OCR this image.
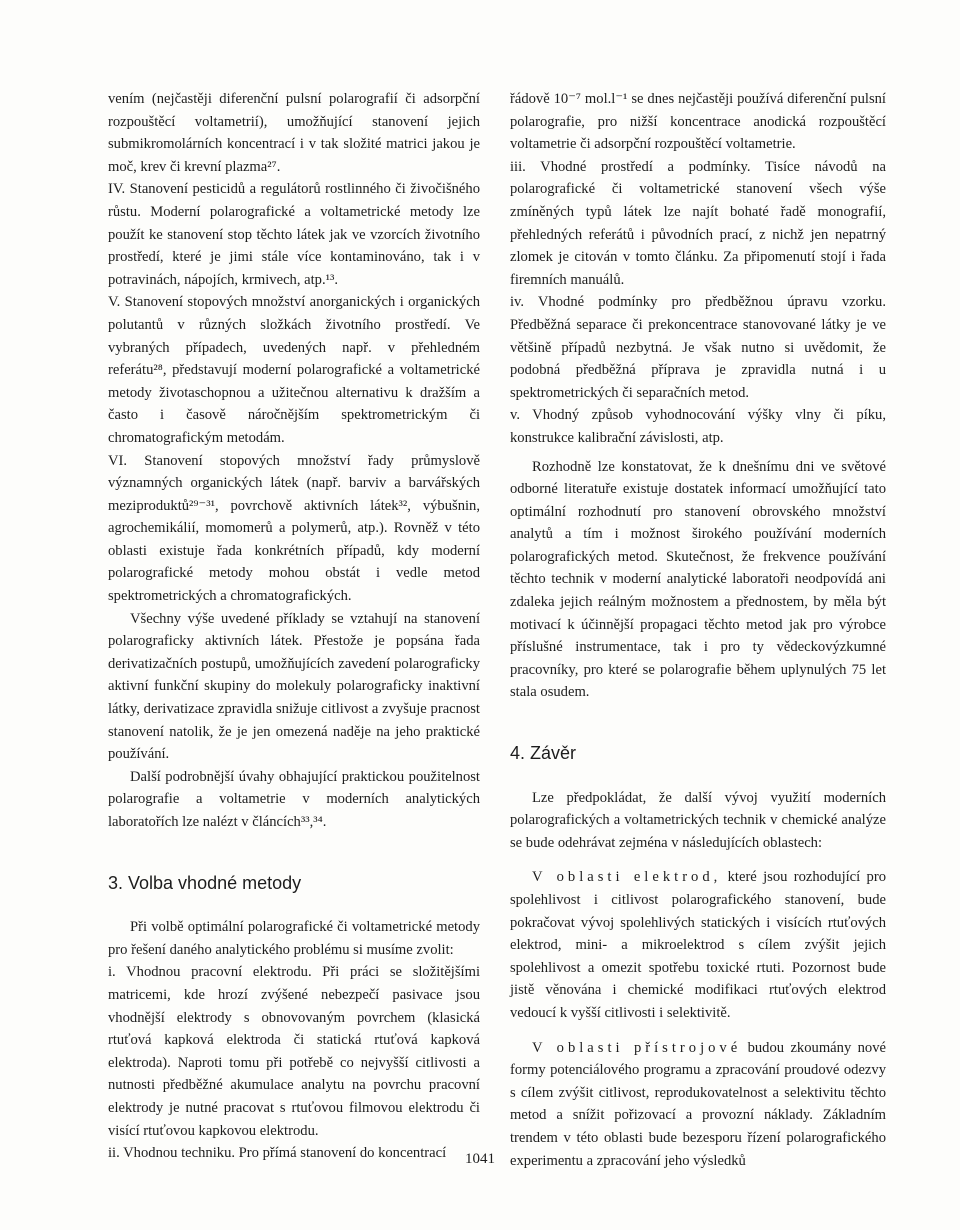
vením (nejčastěji diferenční pulsní polarografií či adsorpční rozpouštěcí voltametrií), umožňující stanovení jejich submikromolárních koncentrací i v tak složité matrici jakou je moč, krev či krevní plazma²⁷.

IV. Stanovení pesticidů a regulátorů rostlinného či živočišného růstu. Moderní polarografické a voltametrické metody lze použít ke stanovení stop těchto látek jak ve vzorcích životního prostředí, které je jimi stále více kontaminováno, tak i v potravinách, nápojích, krmivech, atp.¹³.

V. Stanovení stopových množství anorganických i organických polutantů v různých složkách životního prostředí. Ve vybraných případech, uvedených např. v přehledném referátu²⁸, představují moderní polarografické a voltametrické metody životaschopnou a užitečnou alternativu k dražším a často i časově náročnějším spektrometrickým či chromatografickým metodám.

VI. Stanovení stopových množství řady průmyslově významných organických látek (např. barviv a barvářských meziproduktů²⁹⁻³¹, povrchově aktivních látek³², výbušnin, agrochemikálií, momomerů a polymerů, atp.). Rovněž v této oblasti existuje řada konkrétních případů, kdy moderní polarografické metody mohou obstát i vedle metod spektrometrických a chromatografických.

Všechny výše uvedené příklady se vztahují na stanovení polarograficky aktivních látek. Přestože je popsána řada derivatizačních postupů, umožňujících zavedení polarograficky aktivní funkční skupiny do molekuly polarograficky inaktivní látky, derivatizace zpravidla snižuje citlivost a zvyšuje pracnost stanovení natolik, že je jen omezená naděje na jeho praktické používání.

Další podrobnější úvahy obhajující praktickou použitelnost polarografie a voltametrie v moderních analytických laboratořích lze nalézt v článcích³³,³⁴.

3. Volba vhodné metody

Při volbě optimální polarografické či voltametrické metody pro řešení daného analytického problému si musíme zvolit:

i. Vhodnou pracovní elektrodu. Při práci se složitějšími matricemi, kde hrozí zvýšené nebezpečí pasivace jsou vhodnější elektrody s obnovovaným povrchem (klasická rtuťová kapková elektroda či statická rtuťová kapková elektroda). Naproti tomu při potřebě co nejvyšší citlivosti a nutnosti předběžné akumulace analytu na povrchu pracovní elektrody je nutné pracovat s rtuťovou filmovou elektrodu či visící rtuťovou kapkovou elektrodu.

ii. Vhodnou techniku. Pro přímá stanovení do koncentrací

řádově 10⁻⁷ mol.l⁻¹ se dnes nejčastěji používá diferenční pulsní polarografie, pro nižší koncentrace anodická rozpouštěcí voltametrie či adsorpční rozpouštěcí voltametrie.

iii. Vhodné prostředí a podmínky. Tisíce návodů na polarografické či voltametrické stanovení všech výše zmíněných typů látek lze najít bohaté řadě monografií, přehledných referátů i původních prací, z nichž jen nepatrný zlomek je citován v tomto článku. Za připomenutí stojí i řada firemních manuálů.

iv. Vhodné podmínky pro předběžnou úpravu vzorku. Předběžná separace či prekoncentrace stanovované látky je ve většině případů nezbytná. Je však nutno si uvědomit, že podobná předběžná příprava je zpravidla nutná i u spektrometrických či separačních metod.

v. Vhodný způsob vyhodnocování výšky vlny či píku, konstrukce kalibrační závislosti, atp.

Rozhodně lze konstatovat, že k dnešnímu dni ve světové odborné literatuře existuje dostatek informací umožňující tato optimální rozhodnutí pro stanovení obrovského množství analytů a tím i možnost širokého používání moderních polarografických metod. Skutečnost, že frekvence používání těchto technik v moderní analytické laboratoři neodpovídá ani zdaleka jejich reálným možnostem a přednostem, by měla být motivací k účinnější propagaci těchto metod jak pro výrobce příslušné instrumentace, tak i pro ty vědeckovýzkumné pracovníky, pro které se polarografie během uplynulých 75 let stala osudem.

4. Závěr

Lze předpokládat, že další vývoj využití moderních polarografických a voltametrických technik v chemické analýze se bude odehrávat zejména v následujících oblastech:

V oblasti elektrod, které jsou rozhodující pro spolehlivost i citlivost polarografického stanovení, bude pokračovat vývoj spolehlivých statických i visících rtuťových elektrod, mini- a mikroelektrod s cílem zvýšit jejich spolehlivost a omezit spotřebu toxické rtuti. Pozornost bude jistě věnována i chemické modifikaci rtuťových elektrod vedoucí k vyšší citlivosti i selektivitě.

V oblasti přístrojové budou zkoumány nové formy potenciálového programu a zpracování proudové odezvy s cílem zvýšit citlivost, reprodukovatelnost a selektivitu těchto metod a snížit pořizovací a provozní náklady. Základním trendem v této oblasti bude bezesporu řízení polarografického experimentu a zpracování jeho výsledků

1041
